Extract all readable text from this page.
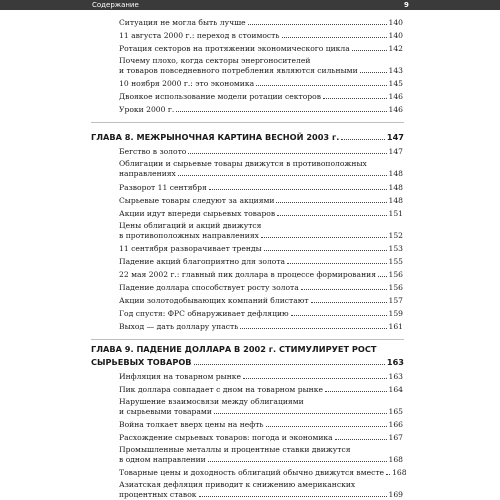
Содержание	9
Ситуация не могла быть лучше	140
11 августа 2000 г.: переход в стоимость	140
Ротация секторов на протяжении экономического цикла	142
Почему плохо, когда секторы энергоносителей
и товаров повседневного потребления являются сильными	143
10 ноября 2000 г.: это экономика	145
Двоякое использование модели ротации секторов	146
Уроки 2000 г.	146
ГЛАВА 8. МЕЖРЫНОЧНАЯ КАРТИНА ВЕСНОЙ 2003 г.	147
Бегство в золото	147
Облигации и сырьевые товары движутся в противоположных
направлениях	148
Разворот 11 сентября	148
Сырьевые товары следуют за акциями	148
Акции идут впереди сырьевых товаров	151
Цены облигаций и акций движутся
в противоположных направлениях	152
11 сентября разворачивает тренды	153
Падение акций благоприятно для золота	155
22 мая 2002 г.: главный пик доллара в процессе формирования 156
Падение доллара способствует росту золота	156
Акции золотодобывающих компаний блистают	157
Год спустя: ФРС обнаруживает дефляцию	159
Выход — дать доллару упасть	161
ГЛАВА 9. ПАДЕНИЕ ДОЛЛАРА В 2002 г. СТИМУЛИРУЕТ РОСТ
СЫРЬЕВЫХ ТОВАРОВ	163
Инфляция на товарном рынке	163
Пик доллара совпадает с дном на товарном рынке	164
Нарушение взаимосвязи между облигациями
и сырьевыми товарами	165
Война толкает вверх цены на нефть	166
Расхождение сырьевых товаров: погода и экономика	167
Промышленные металлы и процентные ставки движутся
в одном направлении	168
Товарные цены и доходность облигаций обычно движутся вместе 168
Азиатская дефляция приводит к снижению американских
процентных ставок	169
